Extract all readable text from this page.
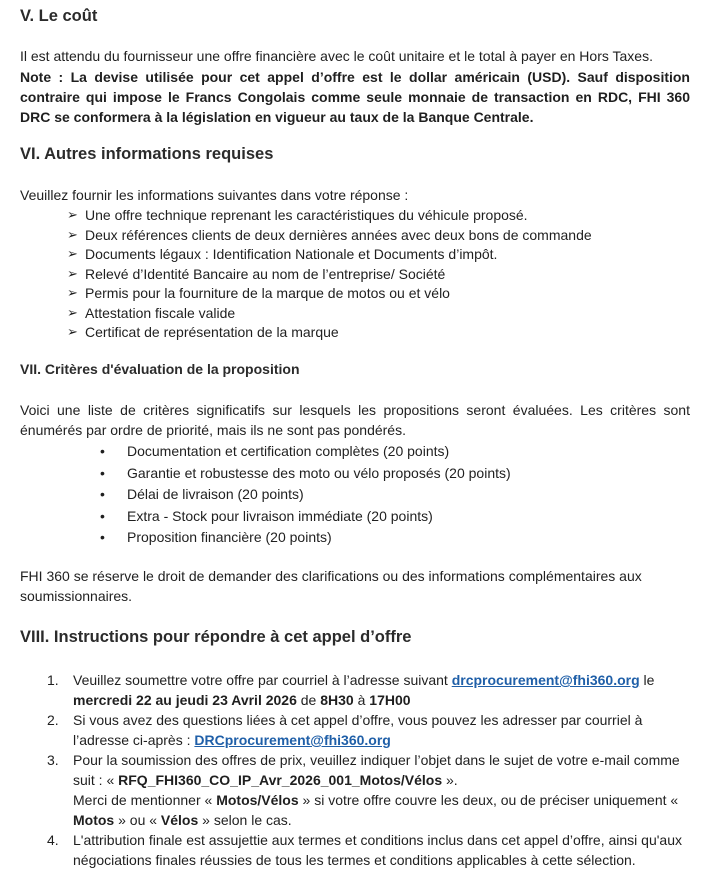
V. Le coût

Il est attendu du fournisseur une offre financière avec le coût unitaire et le total à payer en Hors Taxes.

Note : La devise utilisée pour cet appel d’offre est le dollar américain (USD). Sauf disposition contraire qui impose le Francs Congolais comme seule monnaie de transaction en RDC, FHI 360 DRC se conformera à la législation en vigueur au taux de la Banque Centrale.

VI. Autres informations requises

Veuillez fournir les informations suivantes dans votre réponse :

➢ Une offre technique reprenant les caractéristiques du véhicule proposé.
➢ Deux références clients de deux dernières années avec deux bons de commande
➢ Documents légaux : Identification Nationale et Documents d’impôt.
➢ Relevé d’Identité Bancaire au nom de l’entreprise/ Société
➢ Permis pour la fourniture de la marque de motos ou et vélo
➢ Attestation fiscale valide
➢ Certificat de représentation de la marque
VII. Critères d'évaluation de la proposition

Voici une liste de critères significatifs sur lesquels les propositions seront évaluées. Les critères sont énumérés par ordre de priorité, mais ils ne sont pas pondérés.

• Documentation et certification complètes (20 points)
• Garantie et robustesse des moto ou vélo proposés (20 points)
• Délai de livraison (20 points)
• Extra - Stock pour livraison immédiate (20 points)
• Proposition financière (20 points)

FHI 360 se réserve le droit de demander des clarifications ou des informations complémentaires aux soumissionnaires.

VIII. Instructions pour répondre à cet appel d’offre
1. Veuillez soumettre votre offre par courriel à l’adresse suivant drcprocurement@fhi360.org le mercredi 22 au jeudi 23 Avril 2026 de 8H30 à 17H00
2. Si vous avez des questions liées à cet appel d’offre, vous pouvez les adresser par courriel à l’adresse ci-après : DRCprocurement@fhi360.org
3. Pour la soumission des offres de prix, veuillez indiquer l’objet dans le sujet de votre e-mail comme suit : « RFQ_FHI360_CO_IP_Avr_2026_001_Motos/Vélos ».
Merci de mentionner « Motos/Vélos » si votre offre couvre les deux, ou de préciser uniquement « Motos » ou « Vélos » selon le cas.
4. L'attribution finale est assujettie aux termes et conditions inclus dans cet appel d’offre, ainsi qu'aux négociations finales réussies de tous les termes et conditions applicables à cette sélection.
